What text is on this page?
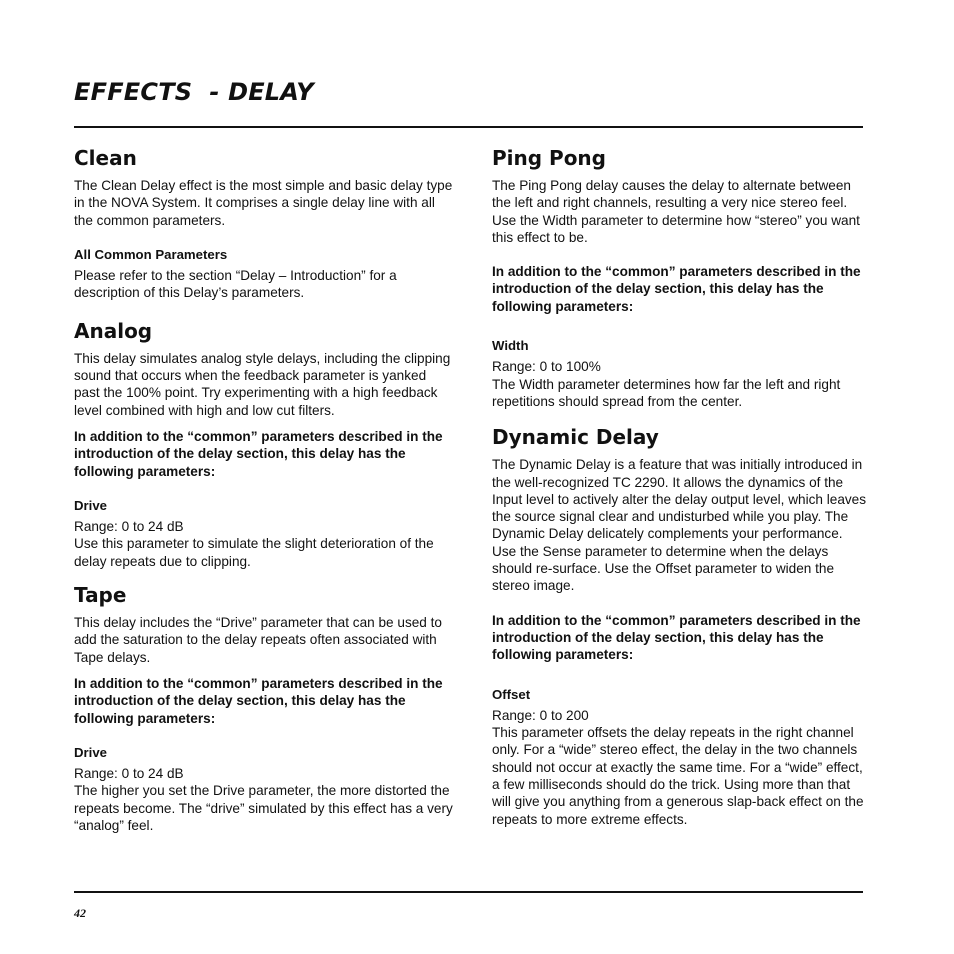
EFFECTS  - DELAY
Clean

The Clean Delay effect is the most simple and basic delay type in the NOVA System. It comprises a single delay line with all the common parameters.

All Common Parameters

Please refer to the section “Delay – Introduction” for a description of this Delay’s parameters.

Analog

This delay simulates analog style delays, including the clipping sound that occurs when the feedback parameter is yanked past the 100% point. Try experimenting with a high feedback level combined with high and low cut filters.

In addition to the “common” parameters described in the introduction of the delay section, this delay has the following parameters:

Drive

Range: 0 to 24 dB

Use this parameter to simulate the slight deterioration of the delay repeats due to clipping.

Tape

This delay includes the “Drive” parameter that can be used to add the saturation to the delay repeats often associated with Tape delays.

In addition to the “common” parameters described in the introduction of the delay section, this delay has the following parameters:

Drive

Range: 0 to 24 dB

The higher you set the Drive parameter, the more distorted the repeats become. The “drive” simulated by this effect has a very “analog” feel.

Ping Pong

The Ping Pong delay causes the delay to alternate between the left and right channels, resulting a very nice stereo feel. Use the Width parameter to determine how “stereo” you want this effect to be.

In addition to the “common” parameters described in the introduction of the delay section, this delay has the following parameters:

Width

Range: 0 to 100%

The Width parameter determines how far the left and right repetitions should spread from the center.

Dynamic Delay

The Dynamic Delay is a feature that was initially introduced in the well-recognized TC 2290. It allows the dynamics of the Input level to actively alter the delay output level, which leaves the source signal clear and undisturbed while you play. The Dynamic Delay delicately complements your performance.

Use the Sense parameter to determine when the delays should re-surface. Use the Offset parameter to widen the stereo image.

In addition to the “common” parameters described in the introduction of the delay section, this delay has the following parameters:

Offset

Range: 0 to 200

This parameter offsets the delay repeats in the right channel only. For a “wide” stereo effect, the delay in the two channels should not occur at exactly the same time. For a “wide” effect, a few milliseconds should do the trick. Using more than that will give you anything from a generous slap-back effect on the repeats to more extreme effects.

42
